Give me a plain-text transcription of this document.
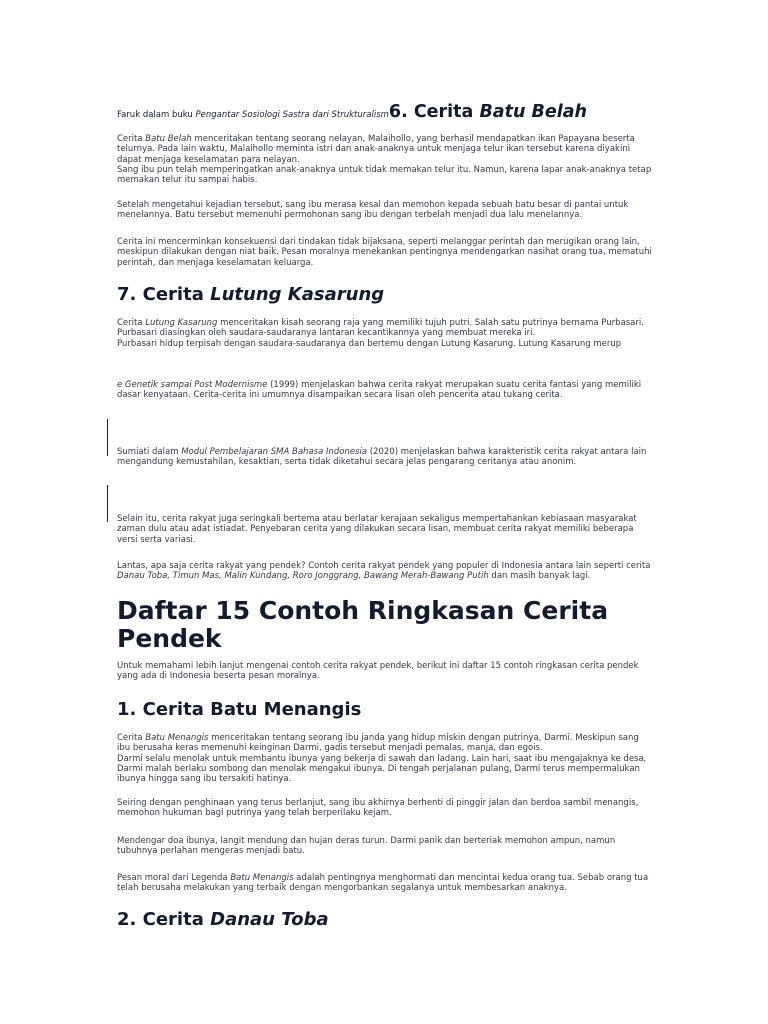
Faruk dalam buku Pengantar Sosiologi Sastra dari Strukturalism6. Cerita Batu Belah

Cerita Batu Belah menceritakan tentang seorang nelayan, Malaihollo, yang berhasil mendapatkan ikan Papayana beserta telurnya. Pada lain waktu, Malaihollo meminta istri dan anak-anaknya untuk menjaga telur ikan tersebut karena diyakini dapat menjaga keselamatan para nelayan.
Sang ibu pun telah memperingatkan anak-anaknya untuk tidak memakan telur itu. Namun, karena lapar anak-anaknya tetap memakan telur itu sampai habis.

Setelah mengetahui kejadian tersebut, sang ibu merasa kesal dan memohon kepada sebuah batu besar di pantai untuk menelannya. Batu tersebut memenuhi permohonan sang ibu dengan terbelah menjadi dua lalu menelannya.

Cerita ini mencerminkan konsekuensi dari tindakan tidak bijaksana, seperti melanggar perintah dan merugikan orang lain, meskipun dilakukan dengan niat baik. Pesan moralnya menekankan pentingnya mendengarkan nasihat orang tua, mematuhi perintah, dan menjaga keselamatan keluarga.

7. Cerita Lutung Kasarung

Cerita Lutung Kasarung menceritakan kisah seorang raja yang memiliki tujuh putri. Salah satu putrinya bernama Purbasari. Purbasari diasingkan oleh saudara-saudaranya lantaran kecantikannya yang membuat mereka iri.
Purbasari hidup terpisah dengan saudara-saudaranya dan bertemu dengan Lutung Kasarung. Lutung Kasarung merup

e Genetik sampai Post Modernisme (1999) menjelaskan bahwa cerita rakyat merupakan suatu cerita fantasi yang memiliki dasar kenyataan. Cerita-cerita ini umumnya disampaikan secara lisan oleh pencerita atau tukang cerita.

Sumiati dalam Modul Pembelajaran SMA Bahasa Indonesia (2020) menjelaskan bahwa karakteristik cerita rakyat antara lain mengandung kemustahilan, kesaktian, serta tidak diketahui secara jelas pengarang ceritanya atau anonim.

Selain itu, cerita rakyat juga seringkali bertema atau berlatar kerajaan sekaligus mempertahankan kebiasaan masyarakat zaman dulu atau adat istiadat. Penyebaran cerita yang dilakukan secara lisan, membuat cerita rakyat memiliki beberapa versi serta variasi.

Lantas, apa saja cerita rakyat yang pendek? Contoh cerita rakyat pendek yang populer di Indonesia antara lain seperti cerita Danau Toba, Timun Mas, Malin Kundang, Roro Jonggrang, Bawang Merah-Bawang Putih dan masih banyak lagi.

Daftar 15 Contoh Ringkasan Cerita Pendek

Untuk memahami lebih lanjut mengenai contoh cerita rakyat pendek, berikut ini daftar 15 contoh ringkasan cerita pendek yang ada di Indonesia beserta pesan moralnya.

1. Cerita Batu Menangis

Cerita Batu Menangis menceritakan tentang seorang ibu janda yang hidup miskin dengan putrinya, Darmi. Meskipun sang ibu berusaha keras memenuhi keinginan Darmi, gadis tersebut menjadi pemalas, manja, dan egois.
Darmi selalu menolak untuk membantu ibunya yang bekerja di sawah dan ladang. Lain hari, saat ibu mengajaknya ke desa, Darmi malah berlaku sombong dan menolak mengakui ibunya. Di tengah perjalanan pulang, Darmi terus mempermalukan ibunya hingga sang ibu tersakiti hatinya.

Seiring dengan penghinaan yang terus berlanjut, sang ibu akhirnya berhenti di pinggir jalan dan berdoa sambil menangis, memohon hukuman bagi putrinya yang telah berperilaku kejam.

Mendengar doa ibunya, langit mendung dan hujan deras turun. Darmi panik dan berteriak memohon ampun, namun tubuhnya perlahan mengeras menjadi batu.

Pesan moral dari Legenda Batu Menangis adalah pentingnya menghormati dan mencintai kedua orang tua. Sebab orang tua telah berusaha melakukan yang terbaik dengan mengorbankan segalanya untuk membesarkan anaknya.

2. Cerita Danau Toba
